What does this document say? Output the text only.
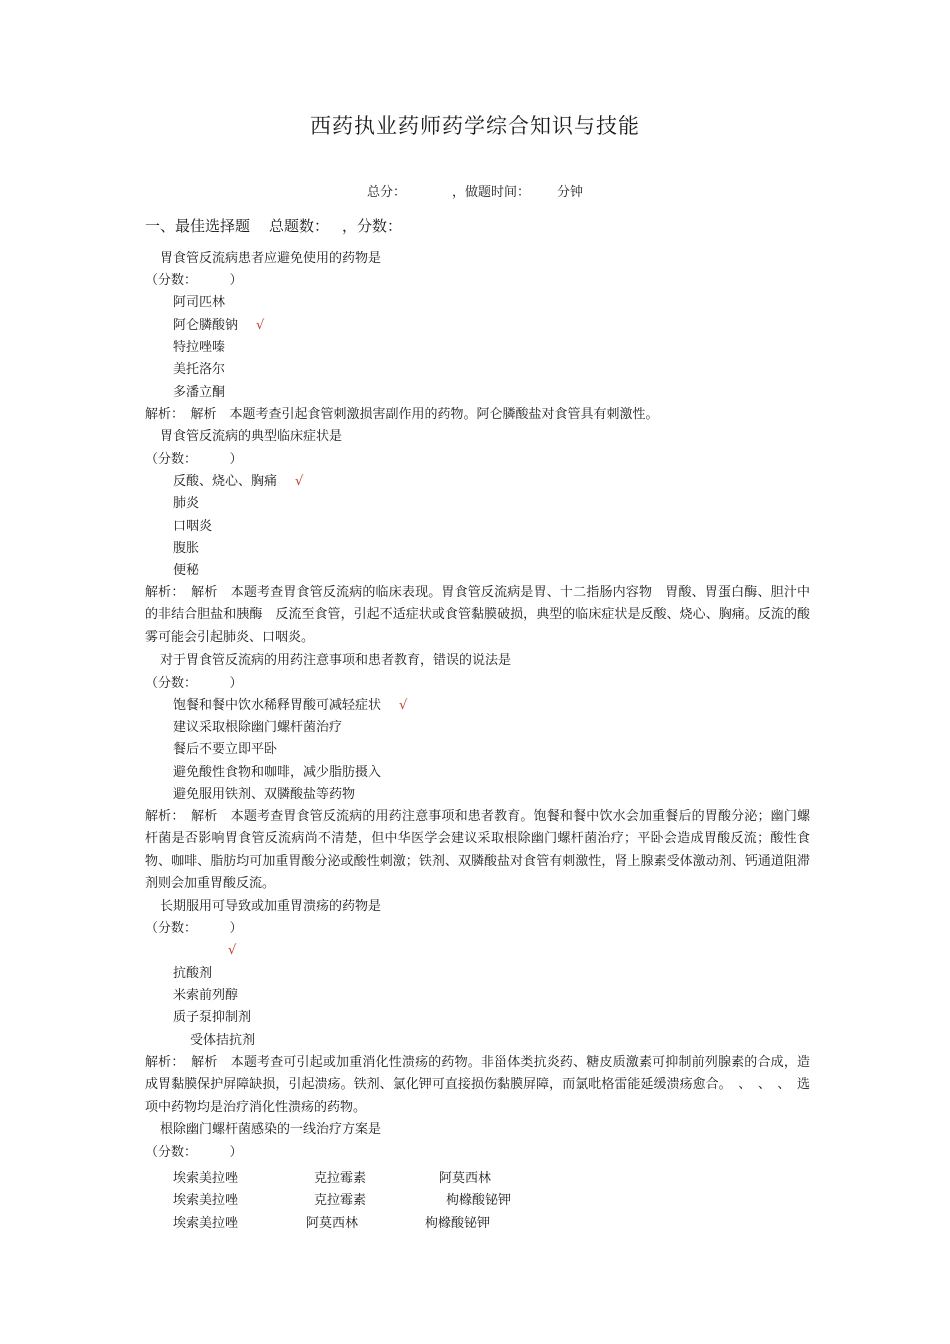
西药执业药师药学综合知识与技能
总分：	，做题时间： 分钟
一、最佳选择题 总题数： ，分数：
胃食管反流病患者应避免使用的药物是
（分数：　　　）
阿司匹林
阿仑膦酸钠 √
特拉唑嗪
美托洛尔
多潘立酮
解析：　解析　本题考查引起食管刺激损害副作用的药物。阿仑膦酸盐对食管具有刺激性。
胃食管反流病的典型临床症状是
（分数：　　　）
反酸、烧心、胸痛 √
肺炎
口咽炎
腹胀
便秘
解析：　解析　本题考查胃食管反流病的临床表现。胃食管反流病是胃、十二指肠内容物　胃酸、胃蛋白酶、胆汁中的非结合胆盐和胰酶　反流至食管，引起不适症状或食管黏膜破损，典型的临床症状是反酸、烧心、胸痛。反流的酸雾可能会引起肺炎、口咽炎。
对于胃食管反流病的用药注意事项和患者教育，错误的说法是
（分数：　　　）
饱餐和餐中饮水稀释胃酸可减轻症状 √
建议采取根除幽门螺杆菌治疗
餐后不要立即平卧
避免酸性食物和咖啡，减少脂肪摄入
避免服用铁剂、双膦酸盐等药物
解析：　解析　本题考查胃食管反流病的用药注意事项和患者教育。饱餐和餐中饮水会加重餐后的胃酸分泌；幽门螺杆菌是否影响胃食管反流病尚不清楚，但中华医学会建议采取根除幽门螺杆菌治疗；平卧会造成胃酸反流；酸性食物、咖啡、脂肪均可加重胃酸分泌或酸性刺激；铁剂、双膦酸盐对食管有刺激性，肾上腺素受体激动剂、钙通道阻滞剂则会加重胃酸反流。
长期服用可导致或加重胃溃疡的药物是
（分数：　　　）
√
抗酸剂
米索前列醇
质子泵抑制剂
受体拮抗剂
解析：　解析　本题考查可引起或加重消化性溃疡的药物。非甾体类抗炎药、糖皮质激素可抑制前列腺素的合成，造成胃黏膜保护屏障缺损，引起溃疡。铁剂、氯化钾可直接损伤黏膜屏障，而氯吡格雷能延缓溃疡愈合。　、　、　、　选项中药物均是治疗消化性溃疡的药物。
根除幽门螺杆菌感染的一线治疗方案是
（分数：　　　）
埃索美拉唑	克拉霉素	阿莫西林
埃索美拉唑	克拉霉素	枸橼酸铋钾
埃索美拉唑	阿莫西林	枸橼酸铋钾
